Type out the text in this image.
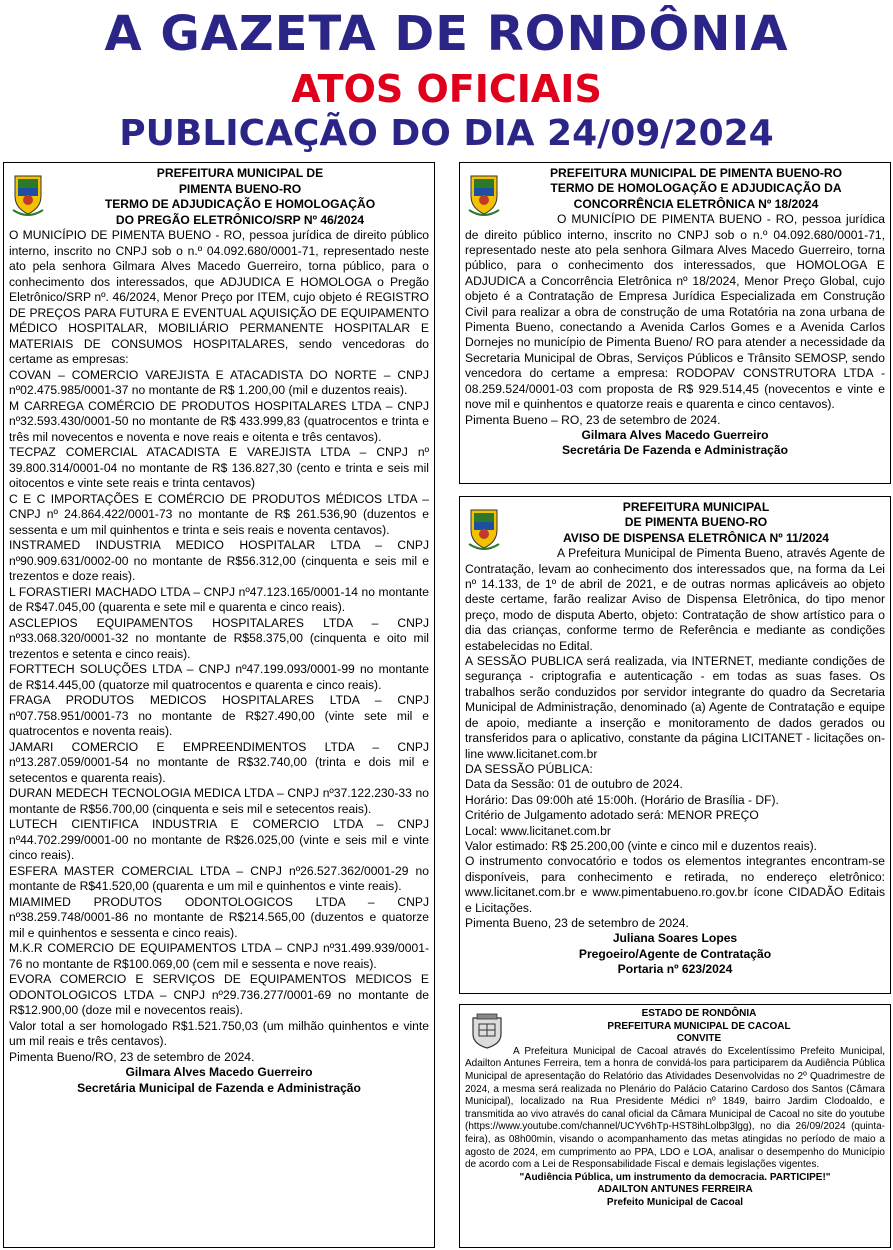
A GAZETA DE RONDÔNIA
ATOS OFICIAIS
PUBLICAÇÃO DO DIA 24/09/2024
PREFEITURA MUNICIPAL DE
PIMENTA BUENO-RO
TERMO DE ADJUDICAÇÃO E HOMOLOGAÇÃO
DO PREGÃO ELETRÔNICO/SRP Nº 46/2024

O MUNICÍPIO DE PIMENTA BUENO - RO, pessoa jurídica de direito público interno, inscrito no CNPJ sob o n.º 04.092.680/0001-71, representado neste ato pela senhora Gilmara Alves Macedo Guerreiro, torna público, para o conhecimento dos interessados, que ADJUDICA E HOMOLOGA o Pregão Eletrônico/SRP nº. 46/2024, Menor Preço por ITEM, cujo objeto é REGISTRO DE PREÇOS PARA FUTURA E EVENTUAL AQUISIÇÃO DE EQUIPAMENTO MÉDICO HOSPITALAR, MOBILIÁRIO PERMANENTE HOSPITALAR E MATERIAIS DE CONSUMOS HOSPITALARES, sendo vencedoras do certame as empresas:

COVAN – COMERCIO VAREJISTA E ATACADISTA DO NORTE – CNPJ nº02.475.985/0001-37 no montante de R$ 1.200,00 (mil e duzentos reais).

M CARREGA COMÉRCIO DE PRODUTOS HOSPITALARES LTDA – CNPJ nº32.593.430/0001-50 no montante de R$ 433.999,83 (quatrocentos e trinta e três mil novecentos e noventa e nove reais e oitenta e três centavos).

TECPAZ COMERCIAL ATACADISTA E VAREJISTA LTDA – CNPJ nº 39.800.314/0001-04 no montante de R$ 136.827,30 (cento e trinta e seis mil oitocentos e vinte sete reais e trinta centavos)

C E C IMPORTAÇÕES E COMÉRCIO DE PRODUTOS MÉDICOS LTDA – CNPJ nº 24.864.422/0001-73 no montante de R$ 261.536,90 (duzentos e sessenta e um mil quinhentos e trinta e seis reais e noventa centavos).

INSTRAMED INDUSTRIA MEDICO HOSPITALAR LTDA – CNPJ nº90.909.631/0002-00 no montante de R$56.312,00 (cinquenta e seis mil e trezentos e doze reais).

L FORASTIERI MACHADO LTDA – CNPJ nº47.123.165/0001-14 no montante de R$47.045,00 (quarenta e sete mil e quarenta e cinco reais).

ASCLEPIOS EQUIPAMENTOS HOSPITALARES LTDA – CNPJ nº33.068.320/0001-32 no montante de R$58.375,00 (cinquenta e oito mil trezentos e setenta e cinco reais).

FORTTECH SOLUÇÕES LTDA – CNPJ nº47.199.093/0001-99 no montante de R$14.445,00 (quatorze mil quatrocentos e quarenta e cinco reais).

FRAGA PRODUTOS MEDICOS HOSPITALARES LTDA – CNPJ nº07.758.951/0001-73 no montante de R$27.490,00 (vinte sete mil e quatrocentos e noventa reais).

JAMARI COMERCIO E EMPREENDIMENTOS LTDA – CNPJ nº13.287.059/0001-54 no montante de R$32.740,00 (trinta e dois mil e setecentos e quarenta reais).

DURAN MEDECH TECNOLOGIA MEDICA LTDA – CNPJ nº37.122.230-33 no montante de R$56.700,00 (cinquenta e seis mil e setecentos reais).

LUTECH CIENTIFICA INDUSTRIA E COMERCIO LTDA – CNPJ nº44.702.299/0001-00 no montante de R$26.025,00 (vinte e seis mil e vinte cinco reais).

ESFERA MASTER COMERCIAL LTDA – CNPJ nº26.527.362/0001-29 no montante de R$41.520,00 (quarenta e um mil e quinhentos e vinte reais).

MIAMIMED PRODUTOS ODONTOLOGICOS LTDA – CNPJ nº38.259.748/0001-86 no montante de R$214.565,00 (duzentos e quatorze mil e quinhentos e sessenta e cinco reais).

M.K.R COMERCIO DE EQUIPAMENTOS LTDA – CNPJ nº31.499.939/0001-76 no montante de R$100.069,00 (cem mil e sessenta e nove reais).

EVORA COMERCIO E SERVIÇOS DE EQUIPAMENTOS MEDICOS E ODONTOLOGICOS LTDA – CNPJ nº29.736.277/0001-69 no montante de R$12.900,00 (doze mil e novecentos reais).

Valor total a ser homologado R$1.521.750,03 (um milhão quinhentos e vinte um mil reais e três centavos).

Pimenta Bueno/RO, 23 de setembro de 2024.

Gilmara Alves Macedo Guerreiro

Secretária Municipal de Fazenda e Administração

PREFEITURA MUNICIPAL DE PIMENTA BUENO-RO
TERMO DE HOMOLOGAÇÃO E ADJUDICAÇÃO DA
CONCORRÊNCIA ELETRÔNICA Nº 18/2024

O MUNICÍPIO DE PIMENTA BUENO - RO, pessoa jurídica de direito público interno, inscrito no CNPJ sob o n.º 04.092.680/0001-71, representado neste ato pela senhora Gilmara Alves Macedo Guerreiro, torna público, para o conhecimento dos interessados, que HOMOLOGA E ADJUDICA a Concorrência Eletrônica nº 18/2024, Menor Preço Global, cujo objeto é a Contratação de Empresa Jurídica Especializada em Construção Civil para realizar a obra de construção de uma Rotatória na zona urbana de Pimenta Bueno, conectando a Avenida Carlos Gomes e a Avenida Carlos Dornejes no município de Pimenta Bueno/ RO para atender a necessidade da Secretaria Municipal de Obras, Serviços Públicos e Trânsito SEMOSP, sendo vencedora do certame a empresa: RODOPAV CONSTRUTORA LTDA - 08.259.524/0001-03 com proposta de R$ 929.514,45 (novecentos e vinte e nove mil e quinhentos e quatorze reais e quarenta e cinco centavos).

Pimenta Bueno – RO, 23 de setembro de 2024.

Gilmara Alves Macedo Guerreiro

Secretária De Fazenda e Administração

PREFEITURA MUNICIPAL
DE PIMENTA BUENO-RO
AVISO DE DISPENSA ELETRÔNICA Nº 11/2024

A Prefeitura Municipal de Pimenta Bueno, através Agente de Contratação, levam ao conhecimento dos interessados que, na forma da Lei nº 14.133, de 1º de abril de 2021, e de outras normas aplicáveis ao objeto deste certame, farão realizar Aviso de Dispensa Eletrônica, do tipo menor preço, modo de disputa Aberto, objeto: Contratação de show artístico para o dia das crianças, conforme termo de Referência e mediante as condições estabelecidas no Edital.

A SESSÃO PUBLICA será realizada, via INTERNET, mediante condições de segurança - criptografia e autenticação - em todas as suas fases. Os trabalhos serão conduzidos por servidor integrante do quadro da Secretaria Municipal de Administração, denominado (a) Agente de Contratação e equipe de apoio, mediante a inserção e monitoramento de dados gerados ou transferidos para o aplicativo, constante da página LICITANET - licitações on-line www.licitanet.com.br

DA SESSÃO PÚBLICA:

Data da Sessão: 01 de outubro de 2024.

Horário: Das 09:00h até 15:00h. (Horário de Brasília - DF).

Critério de Julgamento adotado será: MENOR PREÇO

Local: www.licitanet.com.br

Valor estimado: R$ 25.200,00 (vinte e cinco mil e duzentos reais).

O instrumento convocatório e todos os elementos integrantes encontram-se disponíveis, para conhecimento e retirada, no endereço eletrônico: www.licitanet.com.br e www.pimentabueno.ro.gov.br ícone CIDADÃO Editais e Licitações.

Pimenta Bueno, 23 de setembro de 2024.

Juliana Soares Lopes

Pregoeiro/Agente de Contratação

Portaria nº 623/2024

ESTADO DE RONDÔNIA
PREFEITURA MUNICIPAL DE CACOAL
CONVITE

A Prefeitura Municipal de Cacoal através do Excelentíssimo Prefeito Municipal, Adailton Antunes Ferreira, tem a honra de convidá-los para participarem da Audiência Pública Municipal de apresentação do Relatório das Atividades Desenvolvidas no 2º Quadrimestre de 2024, a mesma será realizada no Plenário do Palácio Catarino Cardoso dos Santos (Câmara Municipal), localizado na Rua Presidente Médici nº 1849, bairro Jardim Clodoaldo, e transmitida ao vivo através do canal oficial da Câmara Municipal de Cacoal no site do youtube (https://www.youtube.com/channel/UCYv6hTp-HST8ihLolbp3lgg), no dia 26/09/2024 (quinta-feira), as 08h00min, visando o acompanhamento das metas atingidas no período de maio a agosto de 2024, em cumprimento ao PPA, LDO e LOA, analisar o desempenho do Município de acordo com a Lei de Responsabilidade Fiscal e demais legislações vigentes.

"Audiência Pública, um instrumento da democracia. PARTICIPE!"

ADAILTON ANTUNES FERREIRA

Prefeito Municipal de Cacoal
